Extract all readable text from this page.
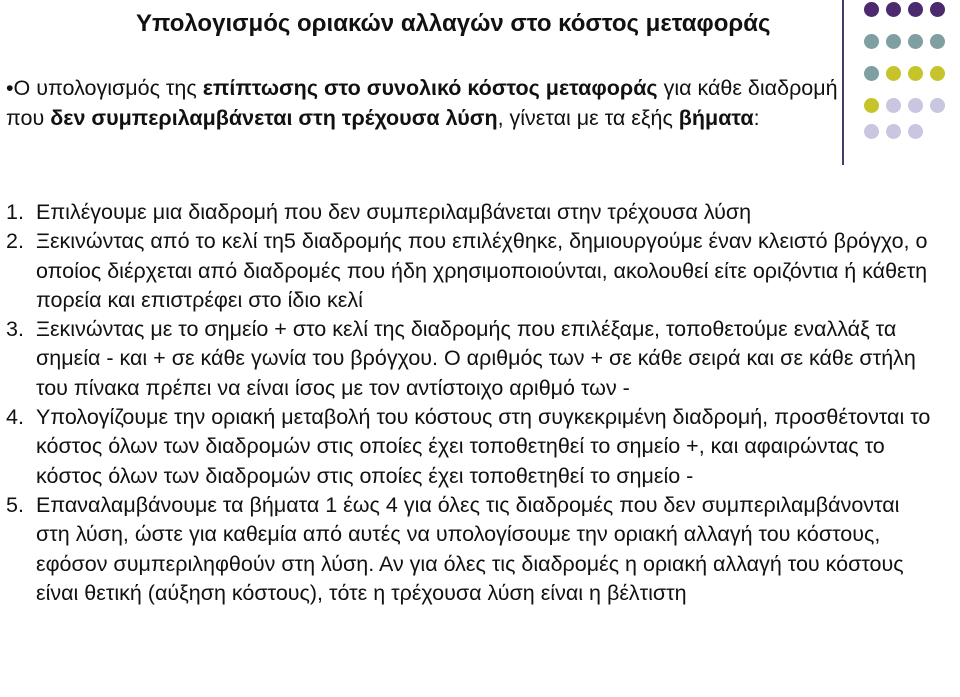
Υπολογισμός οριακών αλλαγών στο κόστος μεταφοράς
•Ο υπολογισμός της επίπτωσης στο συνολικό κόστος μεταφοράς για κάθε διαδρομή που δεν συμπεριλαμβάνεται στη τρέχουσα λύση, γίνεται με τα εξής βήματα:
1. Επιλέγουμε μια διαδρομή που δεν συμπεριλαμβάνεται στην τρέχουσα λύση
2. Ξεκινώντας από το κελί τη5 διαδρομής που επιλέχθηκε, δημιουργούμε έναν κλειστό βρόγχο, ο οποίος διέρχεται από διαδρομές που ήδη χρησιμοποιούνται, ακολουθεί είτε οριζόντια ή κάθετη πορεία και επιστρέφει στο ίδιο κελί
3. Ξεκινώντας με το σημείο + στο κελί της διαδρομής που επιλέξαμε, τοποθετούμε εναλλάξ τα σημεία - και + σε κάθε γωνία του βρόγχου. Ο αριθμός των + σε κάθε σειρά και σε κάθε στήλη του πίνακα πρέπει να είναι ίσος με τον αντίστοιχο αριθμό των -
4. Υπολογίζουμε την οριακή μεταβολή του κόστους στη συγκεκριμένη διαδρομή, προσθέτονται το κόστος όλων των διαδρομών στις οποίες έχει τοποθετηθεί το σημείο +, και αφαιρώντας το κόστος όλων των διαδρομών στις οποίες έχει τοποθετηθεί το σημείο -
5. Επαναλαμβάνουμε τα βήματα 1 έως 4 για όλες τις διαδρομές που δεν συμπεριλαμβάνονται στη λύση, ώστε για καθεμία από αυτές να υπολογίσουμε την οριακή αλλαγή του κόστους, εφόσον συμπεριληφθούν στη λύση. Αν για όλες τις διαδρομές η οριακή αλλαγή του κόστους είναι θετική (αύξηση κόστους), τότε η τρέχουσα λύση είναι η βέλτιστη
